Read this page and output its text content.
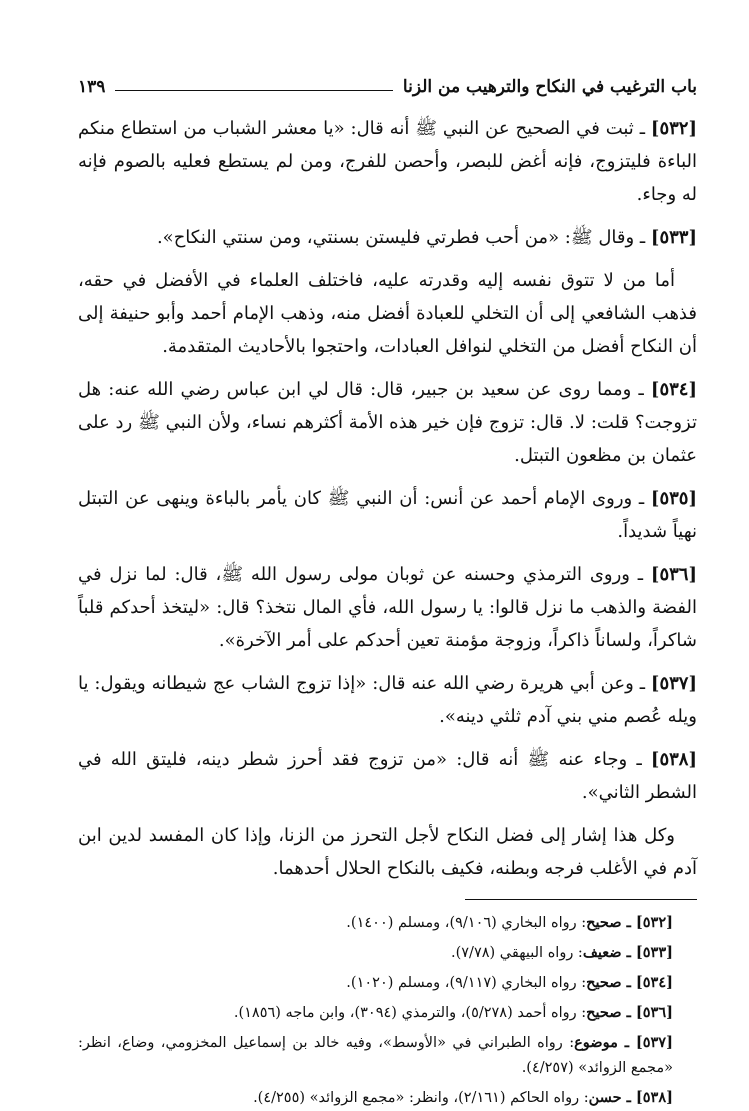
باب الترغيب في النكاح والترهيب من الزنا
١٣٩

[٥٣٢] ـ ثبت في الصحيح عن النبي ﷺ أنه قال: «يا معشر الشباب من استطاع منكم الباءة فليتزوج، فإنه أغض للبصر، وأحصن للفرج، ومن لم يستطع فعليه بالصوم فإنه له وجاء.

[٥٣٣] ـ وقال ﷺ: «من أحب فطرتي فليستن بسنتي، ومن سنتي النكاح».

أما من لا تتوق نفسه إليه وقدرته عليه، فاختلف العلماء في الأفضل في حقه، فذهب الشافعي إلى أن التخلي للعبادة أفضل منه، وذهب الإمام أحمد وأبو حنيفة إلى أن النكاح أفضل من التخلي لنوافل العبادات، واحتجوا بالأحاديث المتقدمة.

[٥٣٤] ـ ومما روى عن سعيد بن جبير، قال: قال لي ابن عباس رضي الله عنه: هل تزوجت؟ قلت: لا. قال: تزوج فإن خير هذه الأمة أكثرهم نساء، ولأن النبي ﷺ رد على عثمان بن مظعون التبتل.

[٥٣٥] ـ وروى الإمام أحمد عن أنس: أن النبي ﷺ كان يأمر بالباءة وينهى عن التبتل نهياً شديداً.

[٥٣٦] ـ وروى الترمذي وحسنه عن ثوبان مولى رسول الله ﷺ، قال: لما نزل في الفضة والذهب ما نزل قالوا: يا رسول الله، فأي المال نتخذ؟ قال: «ليتخذ أحدكم قلباً شاكراً، ولساناً ذاكراً، وزوجة مؤمنة تعين أحدكم على أمر الآخرة».

[٥٣٧] ـ وعن أبي هريرة رضي الله عنه قال: «إذا تزوج الشاب عج شيطانه ويقول: يا ويله عُصم مني بني آدم ثلثي دينه».

[٥٣٨] ـ وجاء عنه ﷺ أنه قال: «من تزوج فقد أحرز شطر دينه، فليتق الله في الشطر الثاني».

وكل هذا إشار إلى فضل النكاح لأجل التحرز من الزنا، وإذا كان المفسد لدين ابن آدم في الأغلب فرجه وبطنه، فكيف بالنكاح الحلال أحدهما.

[٥٣٢] ـ صحيح: رواه البخاري (٩/١٠٦)، ومسلم (١٤٠٠).

[٥٣٣] ـ ضعيف: رواه البيهقي (٧/٧٨).

[٥٣٤] ـ صحيح: رواه البخاري (٩/١١٧)، ومسلم (١٠٢٠).

[٥٣٦] ـ صحيح: رواه أحمد (٥/٢٧٨)، والترمذي (٣٠٩٤)، وابن ماجه (١٨٥٦).

[٥٣٧] ـ موضوع: رواه الطبراني في «الأوسط»، وفيه خالد بن إسماعيل المخزومي، وضاع، انظر: «مجمع الزوائد» (٤/٢٥٧).

[٥٣٨] ـ حسن: رواه الحاكم (٢/١٦١)، وانظر: «مجمع الزوائد» (٤/٢٥٥).
